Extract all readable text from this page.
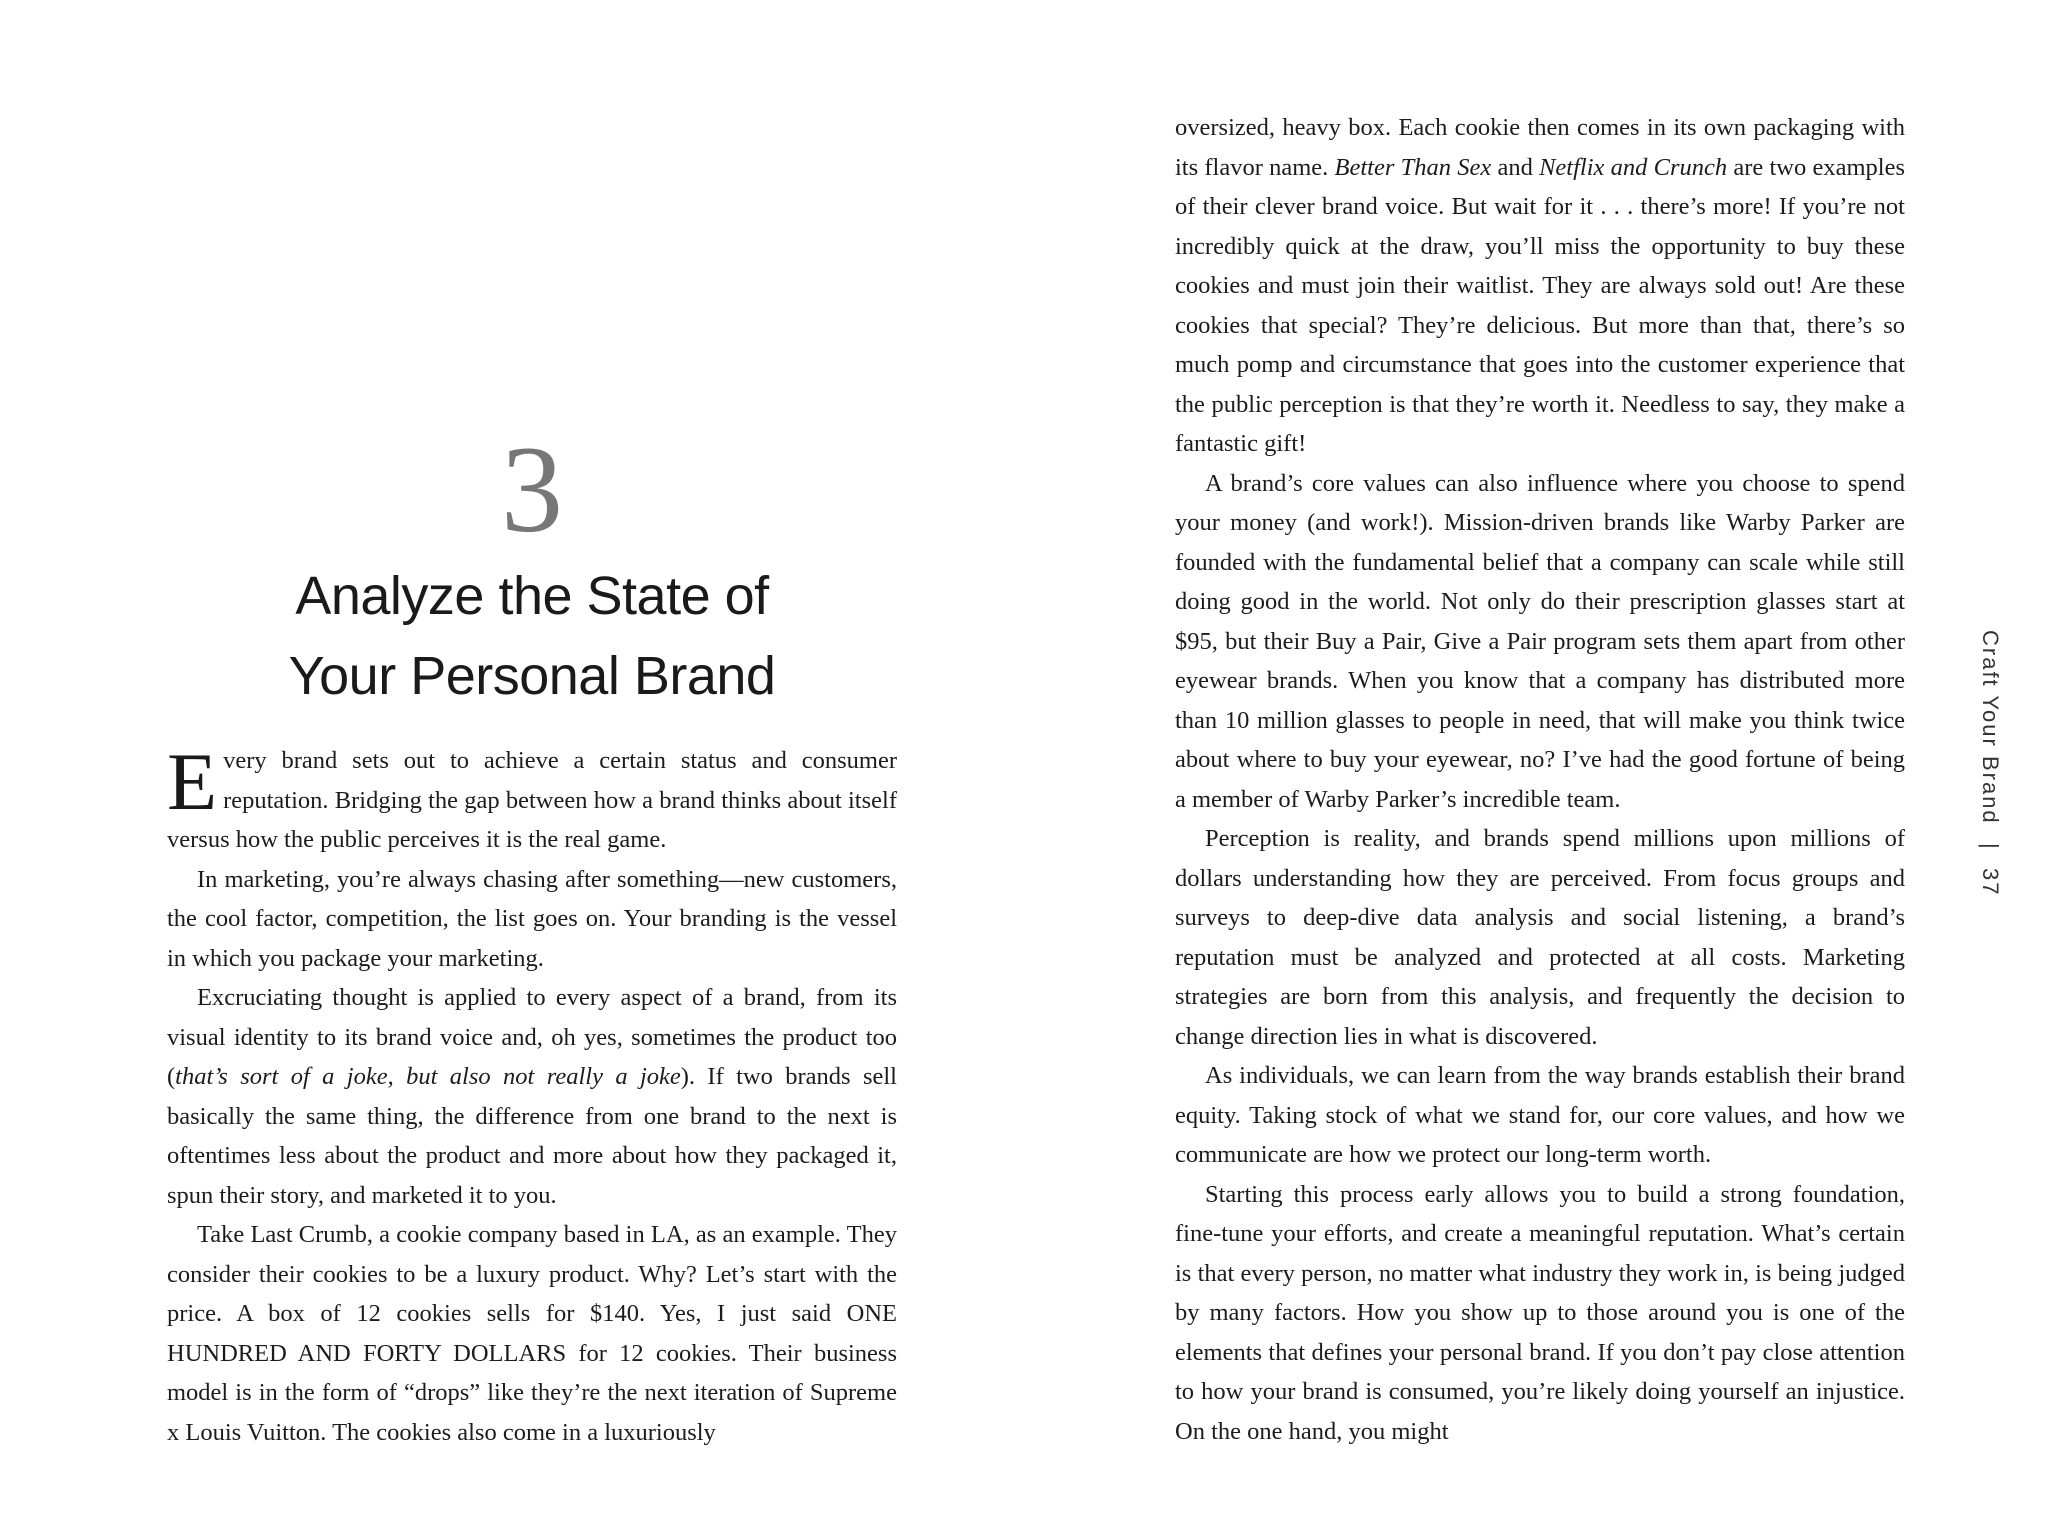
3
Analyze the State of
Your Personal Brand

Every brand sets out to achieve a certain status and consumer reputation. Bridging the gap between how a brand thinks about itself versus how the public perceives it is the real game.

In marketing, you’re always chasing after something—new customers, the cool factor, competition, the list goes on. Your branding is the vessel in which you package your marketing.

Excruciating thought is applied to every aspect of a brand, from its visual identity to its brand voice and, oh yes, sometimes the product too (that’s sort of a joke, but also not really a joke). If two brands sell basically the same thing, the difference from one brand to the next is oftentimes less about the product and more about how they packaged it, spun their story, and marketed it to you.

Take Last Crumb, a cookie company based in LA, as an example. They consider their cookies to be a luxury product. Why? Let’s start with the price. A box of 12 cookies sells for $140. Yes, I just said ONE HUNDRED AND FORTY DOLLARS for 12 cookies. Their business model is in the form of “drops” like they’re the next iteration of Supreme x Louis Vuitton. The cookies also come in a luxuriously

oversized, heavy box. Each cookie then comes in its own packaging with its flavor name. Better Than Sex and Netflix and Crunch are two examples of their clever brand voice. But wait for it . . . there’s more! If you’re not incredibly quick at the draw, you’ll miss the opportunity to buy these cookies and must join their waitlist. They are always sold out! Are these cookies that special? They’re delicious. But more than that, there’s so much pomp and circumstance that goes into the customer experience that the public perception is that they’re worth it. Needless to say, they make a fantastic gift!

A brand’s core values can also influence where you choose to spend your money (and work!). Mission-driven brands like Warby Parker are founded with the fundamental belief that a company can scale while still doing good in the world. Not only do their prescription glasses start at $95, but their Buy a Pair, Give a Pair program sets them apart from other eyewear brands. When you know that a company has distributed more than 10 million glasses to people in need, that will make you think twice about where to buy your eyewear, no? I’ve had the good fortune of being a member of Warby Parker’s incredible team.

Perception is reality, and brands spend millions upon millions of dollars understanding how they are perceived. From focus groups and surveys to deep-dive data analysis and social listening, a brand’s reputation must be analyzed and protected at all costs. Marketing strategies are born from this analysis, and frequently the decision to change direction lies in what is discovered.

As individuals, we can learn from the way brands establish their brand equity. Taking stock of what we stand for, our core values, and how we communicate are how we protect our long-term worth.

Starting this process early allows you to build a strong foundation, fine-tune your efforts, and create a meaningful reputation. What’s certain is that every person, no matter what industry they work in, is being judged by many factors. How you show up to those around you is one of the elements that defines your personal brand. If you don’t pay close attention to how your brand is consumed, you’re likely doing yourself an injustice. On the one hand, you might

Craft Your Brand
|
37
